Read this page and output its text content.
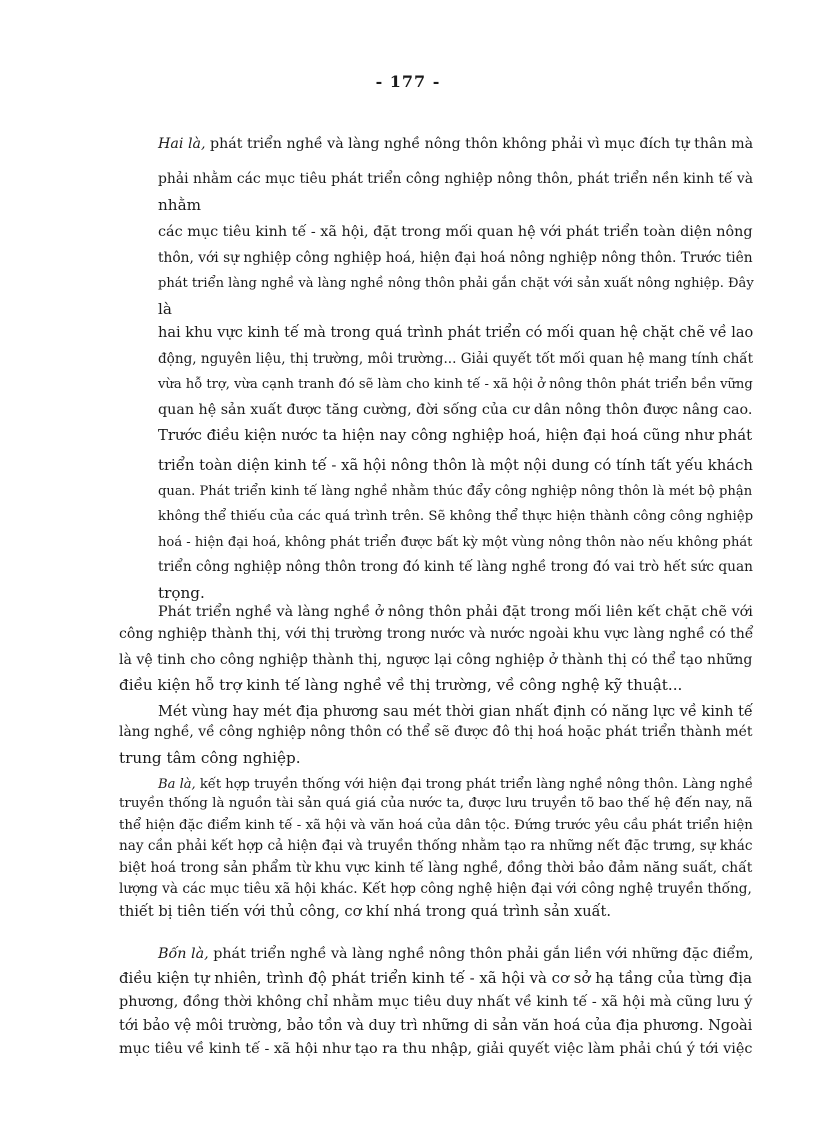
- 177 -
Hai là, phát triển nghề và làng nghề nông thôn không phải vì mục đích tự thân mà
phải nhằm các mục tiêu phát triển công nghiệp nông thôn, phát triển nền kinh tế và
nhằm
các mục tiêu kinh tế - xã hội, đặt trong mối quan hệ với phát triển toàn diện nông
thôn, với sự nghiệp công nghiệp hoá, hiện đại hoá nông nghiệp nông thôn. Trước tiên
phát triển làng nghề và làng nghề nông thôn phải gắn chặt với sản xuất nông nghiệp. Đây
là
hai khu vực kinh tế mà trong quá trình phát triển có mối quan hệ chặt chẽ về lao
động, nguyên liệu, thị trường, môi trường... Giải quyết tốt mối quan hệ mang tính chất
vừa hỗ trợ, vừa cạnh tranh đó sẽ làm cho kinh tế - xã hội ở nông thôn phát triển bền vững
quan hệ sản xuất được tăng cường, đời sống của cư dân nông thôn được nâng cao.
Trước điều kiện nước ta hiện nay công nghiệp hoá, hiện đại hoá cũng như phát
triển toàn diện kinh tế - xã hội nông thôn là một nội dung có tính tất yếu khách
quan. Phát triển kinh tế làng nghề nhằm thúc đẩy công nghiệp nông thôn là mét bộ phận
không thể thiếu của các quá trình trên. Sẽ không thể thực hiện thành công công nghiệp
hoá - hiện đại hoá, không phát triển được bất kỳ một vùng nông thôn nào nếu không phát
triển công nghiệp nông thôn trong đó kinh tế làng nghề trong đó vai trò hết sức quan
trọng.
Phát triển nghề và làng nghề ở nông thôn phải đặt trong mối liên kết chặt chẽ với
công nghiệp thành thị, với thị trường trong nước và nước ngoài khu vực làng nghề có thể
là vệ tinh cho công nghiệp thành thị, ngược lại công nghiệp ở thành thị có thể tạo những
điều kiện hỗ trợ kinh tế làng nghề về thị trường, về công nghệ kỹ thuật...
Mét vùng hay mét địa phương sau mét thời gian nhất định có năng lực về kinh tế
làng nghề, về công nghiệp nông thôn có thể sẽ được đô thị hoá hoặc phát triển thành mét
trung tâm công nghiệp.
Ba là, kết hợp truyền thống với hiện đại trong phát triển làng nghề nông thôn. Làng nghề
truyền thống là nguồn tài sản quá giá của nước ta, được lưu truyền tõ bao thế hệ đến nay, nã
thể hiện đặc điểm kinh tế - xã hội và văn hoá của dân tộc. Đứng trước yêu cầu phát triển hiện
nay cần phải kết hợp cả hiện đại và truyền thống nhằm tạo ra những nết đặc trưng, sự khác
biệt hoá trong sản phẩm từ khu vực kinh tế làng nghề, đồng thời bảo đảm năng suất, chất
lượng và các mục tiêu xã hội khác. Kết hợp công nghệ hiện đại với công nghệ truyền thống,
thiết bị tiên tiến với thủ công, cơ khí nhá trong quá trình sản xuất.
Bốn là, phát triển nghề và làng nghề nông thôn phải gắn liền với những đặc điểm,
điều kiện tự nhiên, trình độ phát triển kinh tế - xã hội và cơ sở hạ tầng của từng địa
phương, đồng thời không chỉ nhằm mục tiêu duy nhất về kinh tế - xã hội mà cũng lưu ý
tới bảo vệ môi trường, bảo tồn và duy trì những di sản văn hoá của địa phương. Ngoài
mục tiêu về kinh tế - xã hội như tạo ra thu nhập, giải quyết việc làm phải chú ý tới việc
